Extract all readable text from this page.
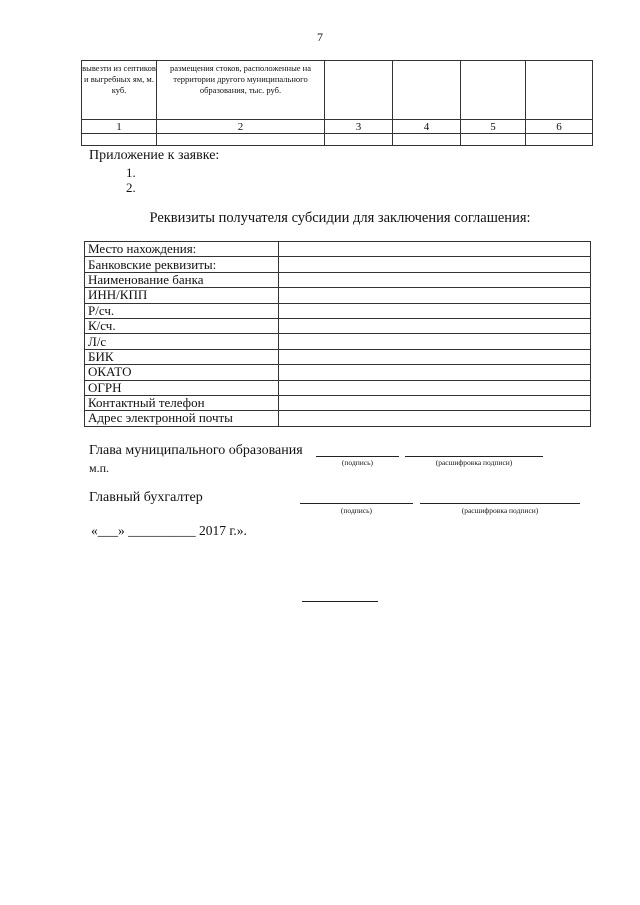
7
вывезти из септиков и выгребных ям, м. куб.	размещения стоков, расположенные на территории другого муниципального образования, тыс. руб.				
1	2	3	4	5	6

Приложение к заявке:
1.
2.
Реквизиты получателя субсидии для заключения соглашения:
Место нахождения:	
Банковские реквизиты:	
Наименование банка	
ИНН/КПП	
Р/сч.	
К/сч.	
Л/с	
БИК	
ОКАТО	
ОГРН	
Контактный телефон	
Адрес электронной почты	
Глава муниципального образования
м.п.	(подпись)	(расшифровка подписи)
Главный бухгалтер
(подпись)	(расшифровка подписи)
«___» __________ 2017 г.».
